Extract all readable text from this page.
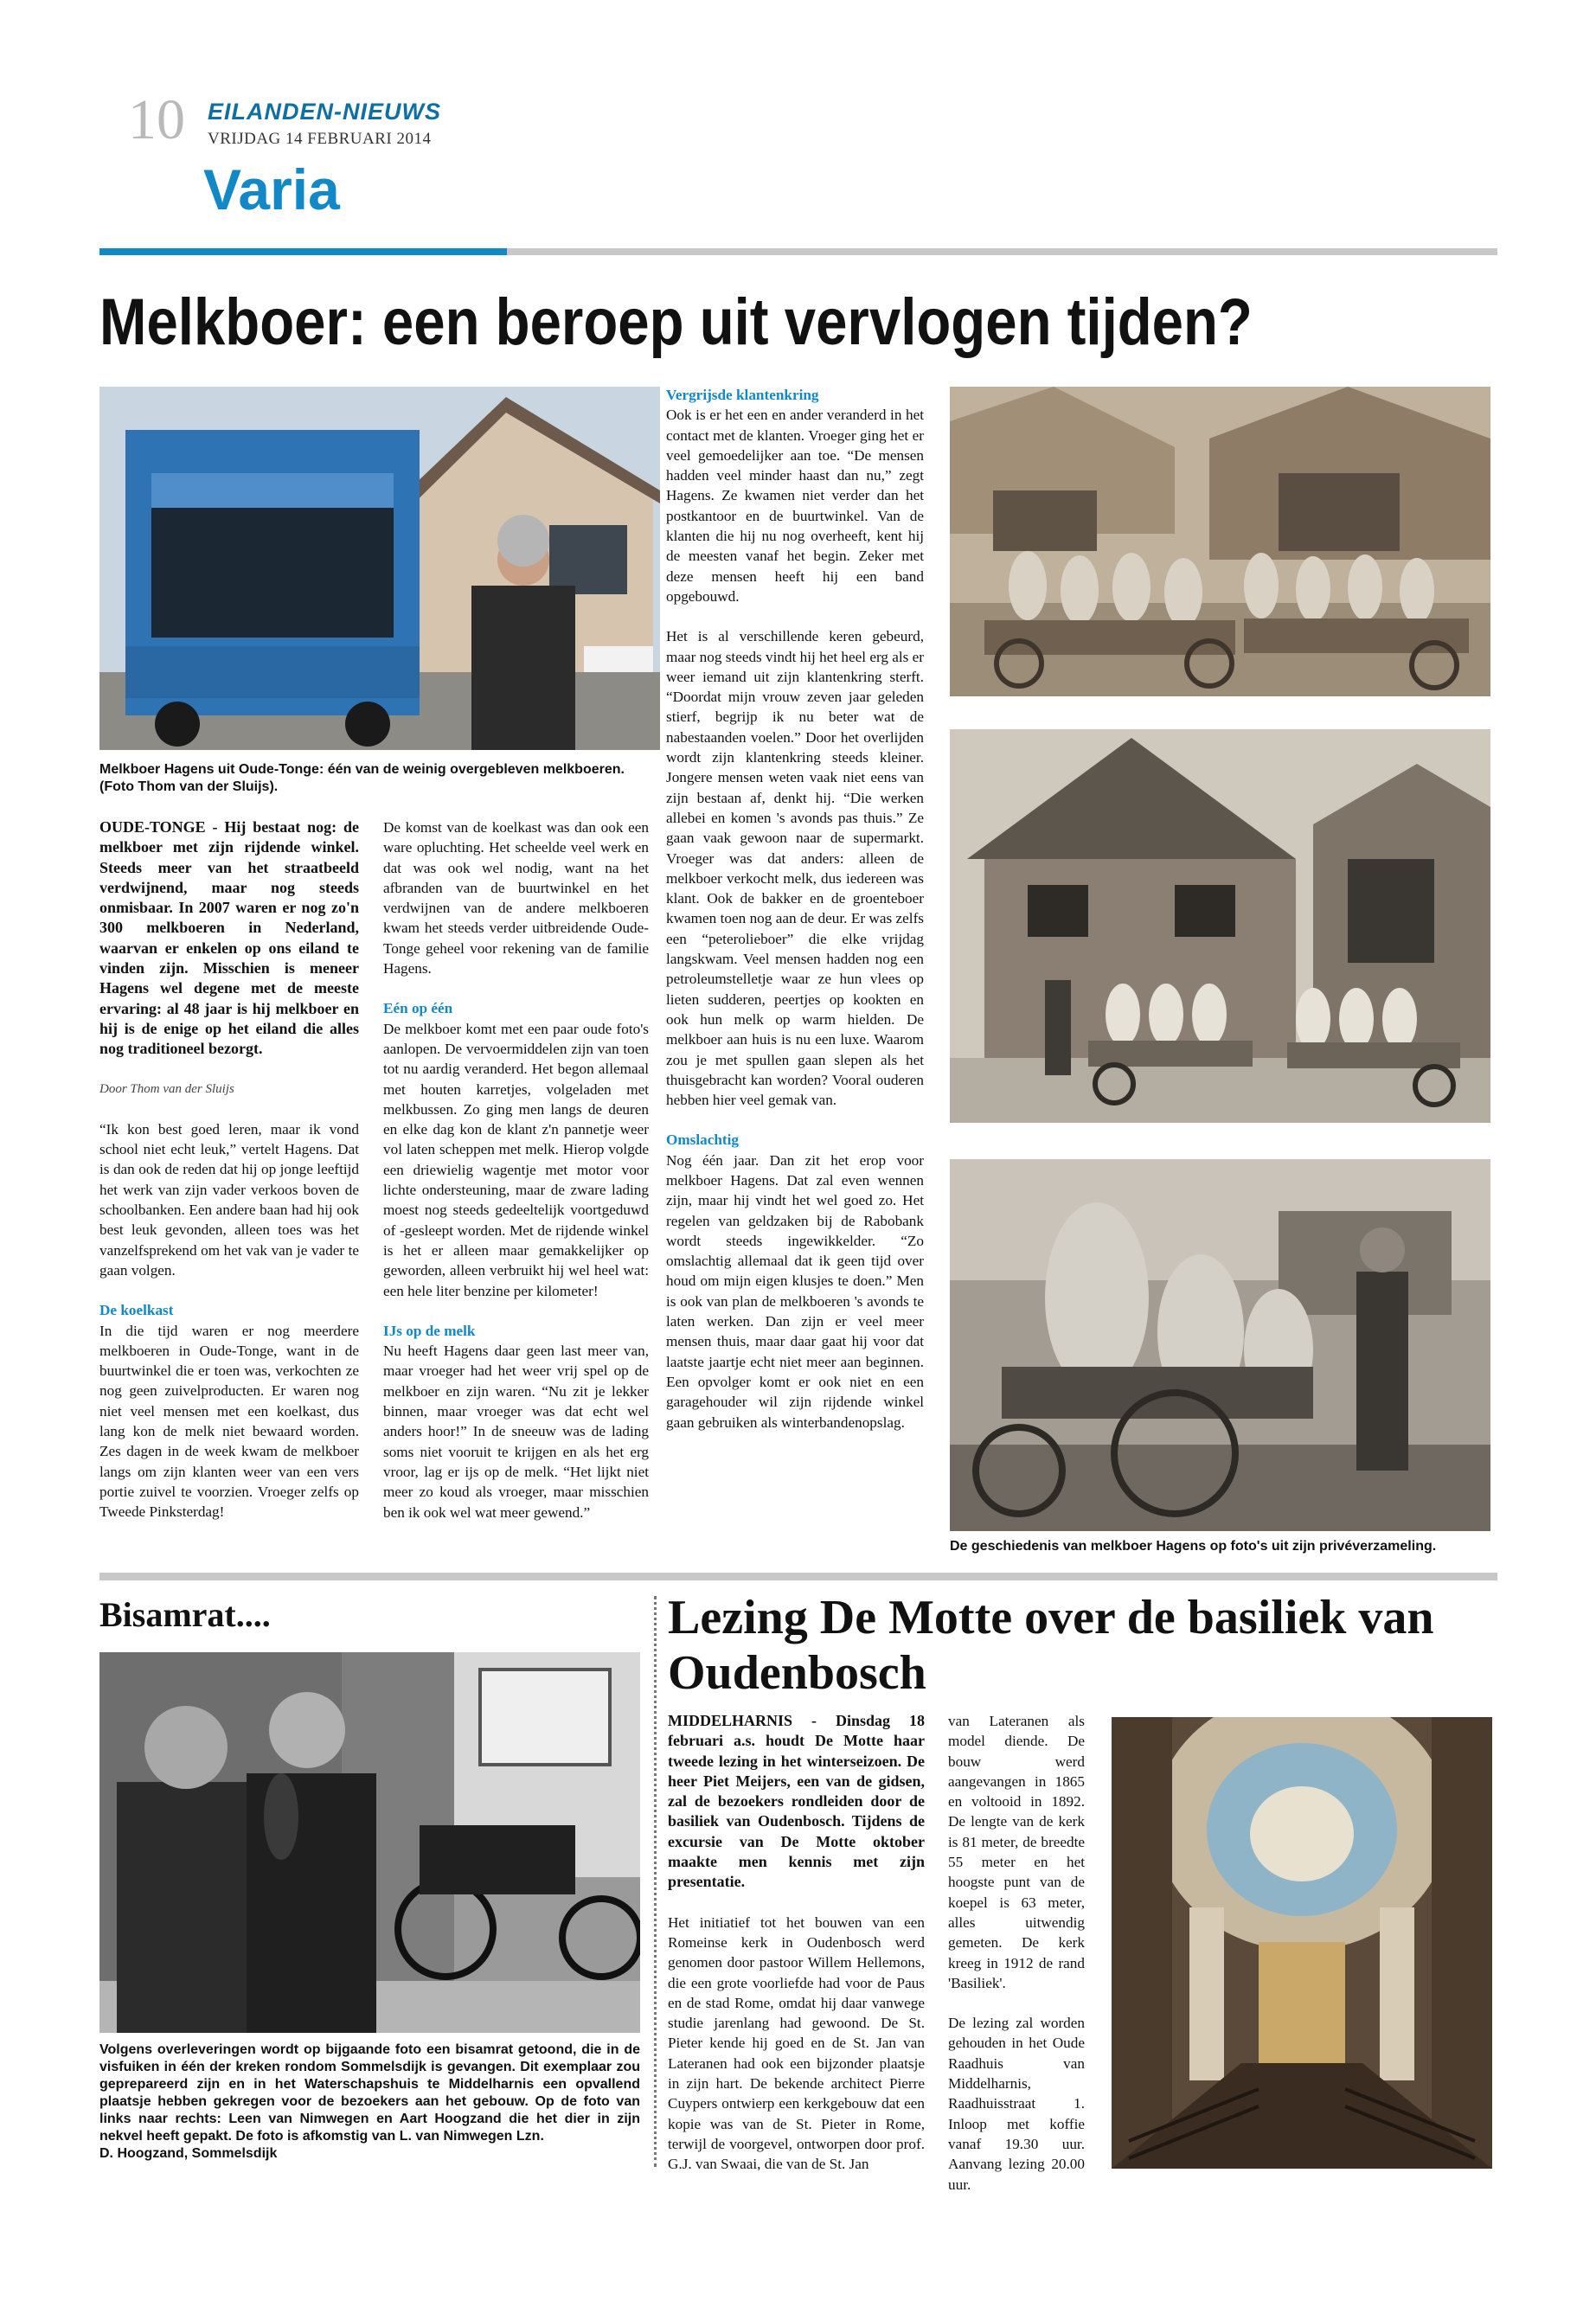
10 EILANDEN-NIEUWS
VRIJDAG 14 FEBRUARI 2014
Varia
Melkboer: een beroep uit vervlogen tijden?
Melkboer Hagens uit Oude-Tonge: één van de weinig overgebleven melkboeren. (Foto Thom van der Sluijs).

OUDE-TONGE - Hij bestaat nog: de melkboer met zijn rijdende winkel. Steeds meer van het straatbeeld verdwijnend, maar nog steeds onmisbaar. In 2007 waren er nog zo'n 300 melkboeren in Nederland, waarvan er enkelen op ons eiland te vinden zijn. Misschien is meneer Hagens wel degene met de meeste ervaring: al 48 jaar is hij melkboer en hij is de enige op het eiland die alles nog traditioneel bezorgt.

Door Thom van der Sluijs

“Ik kon best goed leren, maar ik vond school niet echt leuk,” vertelt Hagens. Dat is dan ook de reden dat hij op jonge leeftijd het werk van zijn vader verkoos boven de schoolbanken. Een andere baan had hij ook best leuk gevonden, alleen toes was het vanzelfsprekend om het vak van je vader te gaan volgen.

De koelkast

In die tijd waren er nog meerdere melkboeren in Oude-Tonge, want in de buurtwinkel die er toen was, verkochten ze nog geen zuivelproducten. Er waren nog niet veel mensen met een koelkast, dus lang kon de melk niet bewaard worden. Zes dagen in de week kwam de melkboer langs om zijn klanten weer van een vers portie zuivel te voorzien. Vroeger zelfs op Tweede Pinksterdag!

De komst van de koelkast was dan ook een ware opluchting. Het scheelde veel werk en dat was ook wel nodig, want na het afbranden van de buurtwinkel en het verdwijnen van de andere melkboeren kwam het steeds verder uitbreidende Oude-Tonge geheel voor rekening van de familie Hagens.

Eén op één

De melkboer komt met een paar oude foto's aanlopen. De vervoermiddelen zijn van toen tot nu aardig veranderd. Het begon allemaal met houten karretjes, volgeladen met melkbussen. Zo ging men langs de deuren en elke dag kon de klant z'n pannetje weer vol laten scheppen met melk. Hierop volgde een driewielig wagentje met motor voor lichte ondersteuning, maar de zware lading moest nog steeds gedeeltelijk voortgeduwd of -gesleept worden. Met de rijdende winkel is het er alleen maar gemakkelijker op geworden, alleen verbruikt hij wel heel wat: een hele liter benzine per kilometer!

IJs op de melk

Nu heeft Hagens daar geen last meer van, maar vroeger had het weer vrij spel op de melkboer en zijn waren. “Nu zit je lekker binnen, maar vroeger was dat echt wel anders hoor!” In de sneeuw was de lading soms niet vooruit te krijgen en als het erg vroor, lag er ijs op de melk. “Het lijkt niet meer zo koud als vroeger, maar misschien ben ik ook wel wat meer gewend.”

Vergrijsde klantenkring

Ook is er het een en ander veranderd in het contact met de klanten. Vroeger ging het er veel gemoedelijker aan toe. “De mensen hadden veel minder haast dan nu,” zegt Hagens. Ze kwamen niet verder dan het postkantoor en de buurtwinkel. Van de klanten die hij nu nog overheeft, kent hij de meesten vanaf het begin. Zeker met deze mensen heeft hij een band opgebouwd.

Het is al verschillende keren gebeurd, maar nog steeds vindt hij het heel erg als er weer iemand uit zijn klantenkring sterft. “Doordat mijn vrouw zeven jaar geleden stierf, begrijp ik nu beter wat de nabestaanden voelen.” Door het overlijden wordt zijn klantenkring steeds kleiner. Jongere mensen weten vaak niet eens van zijn bestaan af, denkt hij. “Die werken allebei en komen 's avonds pas thuis.” Ze gaan vaak gewoon naar de supermarkt. Vroeger was dat anders: alleen de melkboer verkocht melk, dus iedereen was klant. Ook de bakker en de groenteboer kwamen toen nog aan de deur. Er was zelfs een “peterolieboer” die elke vrijdag langskwam. Veel mensen hadden nog een petroleumstelletje waar ze hun vlees op lieten sudderen, peertjes op kookten en ook hun melk op warm hielden. De melkboer aan huis is nu een luxe. Waarom zou je met spullen gaan slepen als het thuisgebracht kan worden? Vooral ouderen hebben hier veel gemak van.

Omslachtig

Nog één jaar. Dan zit het erop voor melkboer Hagens. Dat zal even wennen zijn, maar hij vindt het wel goed zo. Het regelen van geldzaken bij de Rabobank wordt steeds ingewikkelder. “Zo omslachtig allemaal dat ik geen tijd over houd om mijn eigen klusjes te doen.” Men is ook van plan de melkboeren 's avonds te laten werken. Dan zijn er veel meer mensen thuis, maar daar gaat hij voor dat laatste jaartje echt niet meer aan beginnen. Een opvolger komt er ook niet en een garagehouder wil zijn rijdende winkel gaan gebruiken als winterbandenopslag.

De geschiedenis van melkboer Hagens op foto's uit zijn privéverzameling.
Bisamrat....
Volgens overleveringen wordt op bijgaande foto een bisamrat getoond, die in de visfuiken in één der kreken rondom Sommelsdijk is gevangen. Dit exemplaar zou geprepareerd zijn en in het Waterschapshuis te Middelharnis een opvallend plaatsje hebben gekregen voor de bezoekers aan het gebouw. Op de foto van links naar rechts: Leen van Nimwegen en Aart Hoogzand die het dier in zijn nekvel heeft gepakt. De foto is afkomstig van L. van Nimwegen Lzn.
D. Hoogzand, Sommelsdijk
Lezing De Motte over de basiliek van Oudenbosch

MIDDELHARNIS - Dinsdag 18 februari a.s. houdt De Motte haar tweede lezing in het winterseizoen. De heer Piet Meijers, een van de gidsen, zal de bezoekers rondleiden door de basiliek van Oudenbosch. Tijdens de excursie van De Motte oktober maakte men kennis met zijn presentatie.

Het initiatief tot het bouwen van een Romeinse kerk in Oudenbosch werd genomen door pastoor Willem Hellemons, die een grote voorliefde had voor de Paus en de stad Rome, omdat hij daar vanwege studie jarenlang had gewoond. De St. Pieter kende hij goed en de St. Jan van Lateranen had ook een bijzonder plaatsje in zijn hart. De bekende architect Pierre Cuypers ontwierp een kerkgebouw dat een kopie was van de St. Pieter in Rome, terwijl de voorgevel, ontworpen door prof. G.J. van Swaai, die van de St. Jan

van Lateranen als model diende. De bouw werd aangevangen in 1865 en voltooid in 1892. De lengte van de kerk is 81 meter, de breedte 55 meter en het hoogste punt van de koepel is 63 meter, alles uitwendig gemeten. De kerk kreeg in 1912 de rand 'Basiliek'.

De lezing zal worden gehouden in het Oude Raadhuis van Middelharnis, Raadhuisstraat 1. Inloop met koffie vanaf 19.30 uur. Aanvang lezing 20.00 uur.
